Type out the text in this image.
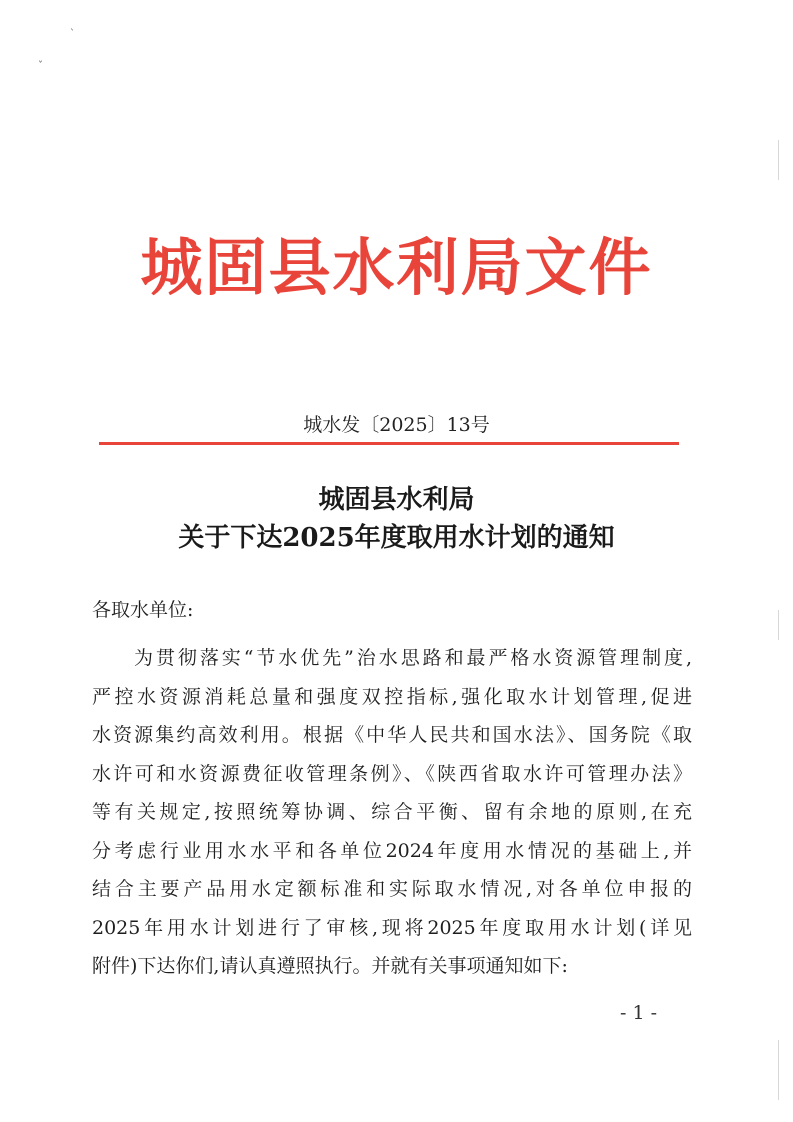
`
ˇ
城固县水利局文件
城水发〔2025〕13号
城固县水利局
关于下达2025年度取用水计划的通知
各取水单位:
为贯彻落实“节水优先”治水思路和最严格水资源管理制度,
严控水资源消耗总量和强度双控指标,强化取水计划管理,促进
水资源集约高效利用。根据《中华人民共和国水法》、国务院《取
水许可和水资源费征收管理条例》、《陕西省取水许可管理办法》
等有关规定,按照统筹协调、综合平衡、留有余地的原则,在充
分考虑行业用水水平和各单位2024年度用水情况的基础上,并
结合主要产品用水定额标准和实际取水情况,对各单位申报的
2025年用水计划进行了审核,现将2025年度取用水计划(详见
附件)下达你们,请认真遵照执行。并就有关事项通知如下:
- 1 -
